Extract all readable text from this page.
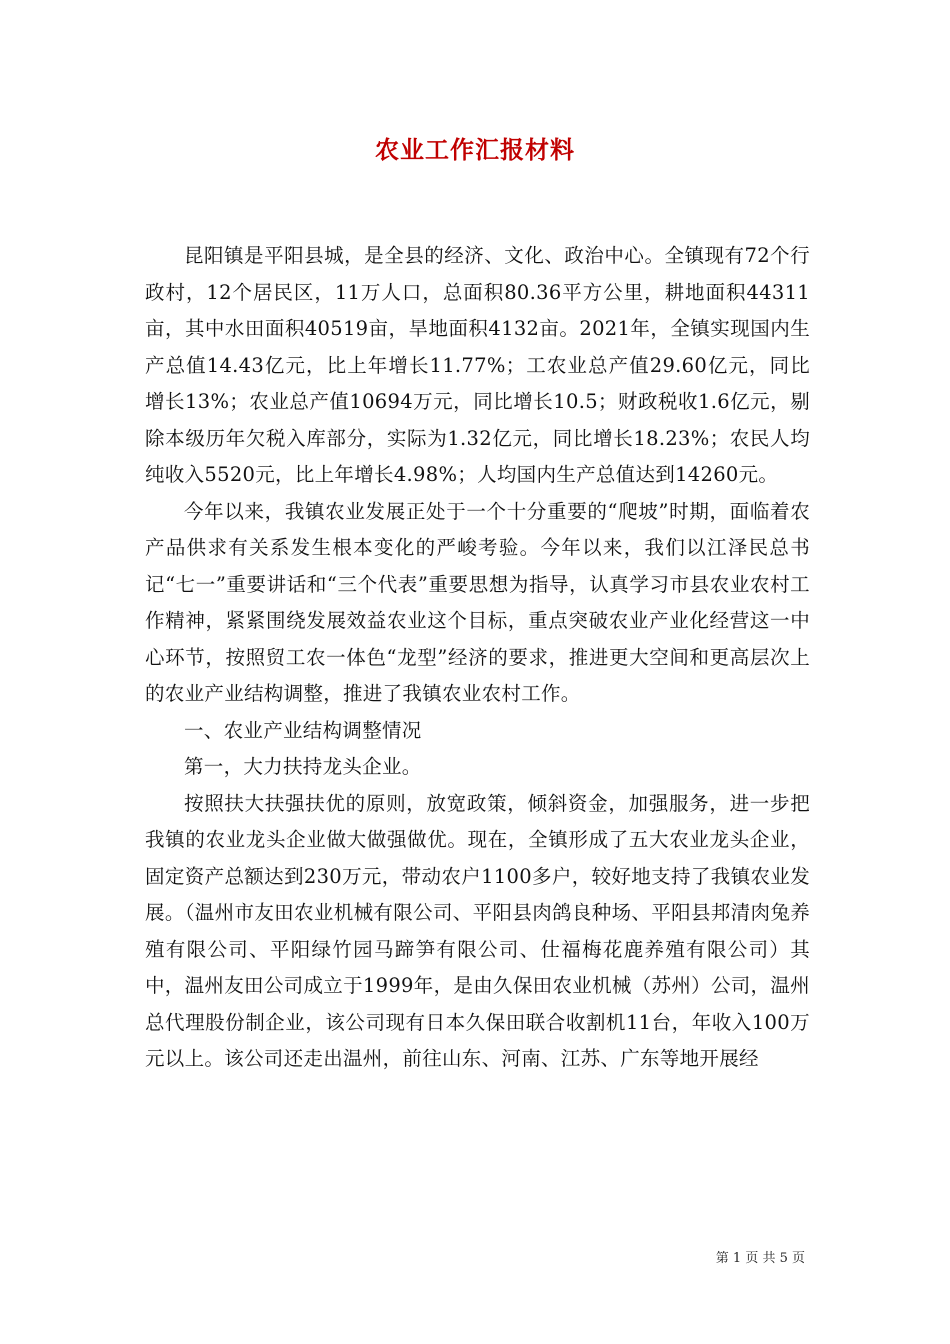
农业工作汇报材料

昆阳镇是平阳县城，是全县的经济、文化、政治中心。全镇现有72个行政村，12个居民区，11万人口，总面积80.36平方公里，耕地面积44311亩，其中水田面积40519亩，旱地面积4132亩。2021年，全镇实现国内生产总值14.43亿元，比上年增长11.77%；工农业总产值29.60亿元，同比增长13%；农业总产值10694万元，同比增长10.5；财政税收1.6亿元，剔除本级历年欠税入库部分，实际为1.32亿元，同比增长18.23%；农民人均纯收入5520元，比上年增长4.98%；人均国内生产总值达到14260元。

今年以来，我镇农业发展正处于一个十分重要的“爬坡”时期，面临着农产品供求有关系发生根本变化的严峻考验。今年以来，我们以江泽民总书记“七一”重要讲话和“三个代表”重要思想为指导，认真学习市县农业农村工作精神，紧紧围绕发展效益农业这个目标，重点突破农业产业化经营这一中心环节，按照贸工农一体色“龙型”经济的要求，推进更大空间和更高层次上的农业产业结构调整，推进了我镇农业农村工作。

一、农业产业结构调整情况

第一，大力扶持龙头企业。

按照扶大扶强扶优的原则，放宽政策，倾斜资金，加强服务，进一步把我镇的农业龙头企业做大做强做优。现在，全镇形成了五大农业龙头企业，固定资产总额达到230万元，带动农户1100多户，较好地支持了我镇农业发展。（温州市友田农业机械有限公司、平阳县肉鸽良种场、平阳县邦清肉兔养殖有限公司、平阳绿竹园马蹄笋有限公司、仕福梅花鹿养殖有限公司）其中，温州友田公司成立于1999年，是由久保田农业机械（苏州）公司，温州总代理股份制企业，该公司现有日本久保田联合收割机11台，年收入100万元以上。该公司还走出温州，前往山东、河南、江苏、广东等地开展经

第 1 页 共 5 页
